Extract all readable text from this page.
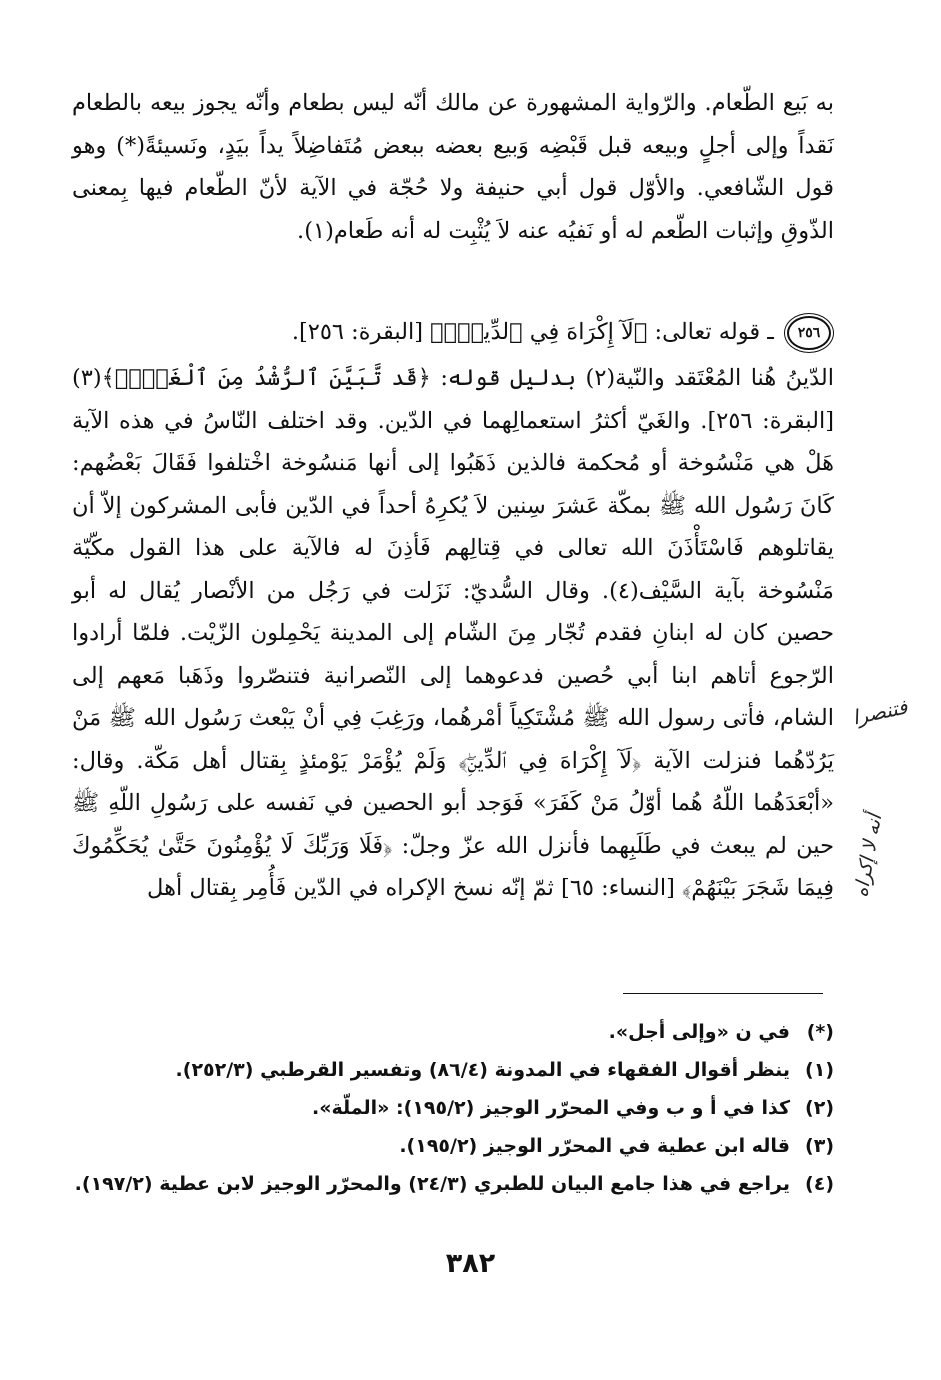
به بَيع الطّعام. والرّواية المشهورة عن مالك أنّه ليس بطعام وأنّه يجوز بيعه بالطعام نَقداً وإلى أجلٍ وبيعه قبل قَبْضِه وَبيع بعضه ببعض مُتَفاضِلاً يداً بيَدٍ، ونَسيئةً(*) وهو قول الشّافعي. والأوّل قول أبي حنيفة ولا حُجّة في الآية لأنّ الطّعام فيها بِمعنى الذّوقِ وإثبات الطّعم له أو نَفيُه عنه لاَ يُثْبِت له أنه طَعام(١).
٢٥٦ ـ قوله تعالى: ﴿لَآ إِكْرَاهَ فِي ٱلدِّينِۖ﴾ [البقرة: ٢٥٦].
الدّينُ هُنا المُعْتَقد والنّية(٢) بدليل قوله: ﴿قَد تَّبَيَّنَ ٱلرُّشْدُ مِنَ ٱلْغَيِّۚ﴾(٣) [البقرة: ٢٥٦]. والغَيّ أكثرُ استعمالِهما في الدّين. وقد اختلف النّاسُ في هذه الآية هَلْ هي مَنْسُوخة أو مُحكمة فالذين ذَهَبُوا إلى أنها مَنسُوخة اخْتلفوا فَقَالَ بَعْضُهم: كَانَ رَسُول الله ﷺ بمكّة عَشرَ سِنين لاَ يُكرِهُ أحداً في الدّين فأبى المشركون إلاّ أن يقاتلوهم فَاسْتَأْذَنَ الله تعالى في قِتالِهم فَأذِنَ له فالآية على هذا القول مكّيّة مَنْسُوخة بآية السَّيْف(٤). وقال السُّديّ: نَزَلت في رَجُل من الأنْصار يُقال له أبو حصين كان له ابنانِ فقدم تُجّار مِنَ الشّام إلى المدينة يَحْمِلون الزّيْت. فلمّا أرادوا الرّجوع أتاهم ابنا أبي حُصين فدعوهما إلى النّصرانية فتنصّروا وذَهَبا مَعهم إلى الشام، فأتى رسول الله ﷺ مُشْتَكِياً أمْرهُما، ورَغِبَ فِي أنْ يَبْعث رَسُول الله ﷺ مَنْ يَرُدّهُما فنزلت الآية ﴿لَآ إِكْرَاهَ فِي ٱلدِّينِۖ﴾ وَلَمْ يُؤْمَرْ يَوْمئذٍ بِقتال أهل مَكّة. وقال: «أبْعَدَهُما اللّهُ هُما أوّلُ مَنْ كَفَرَ» فَوَجد أبو الحصين في نَفسه على رَسُولِ اللّهِ ﷺ حين لم يبعث في طَلَبِهما فأنزل الله عزّ وجلّ: ﴿فَلَا وَرَبِّكَ لَا يُؤْمِنُونَ حَتَّىٰ يُحَكِّمُوكَ فِيمَا شَجَرَ بَيْنَهُمْ﴾ [النساء: ٦٥] ثمّ إنّه نسخ الإكراه في الدّين فَأُمِر بِقتال أهل

(*)
في ن «وإلى أجل».

(١)
ينظر أقوال الفقهاء في المدونة (٨٦/٤) وتفسير القرطبي (٢٥٢/٣).

(٢)
كذا في أ و ب وفي المحرّر الوجيز (١٩٥/٢): «الملّة».

(٣)
قاله ابن عطية في المحرّر الوجيز (١٩٥/٢).

(٤)
يراجع في هذا جامع البيان للطبري (٢٤/٣) والمحرّر الوجيز لابن عطية (١٩٧/٢).

٣٨٢
فتنصرا
أنه لا إكراه
